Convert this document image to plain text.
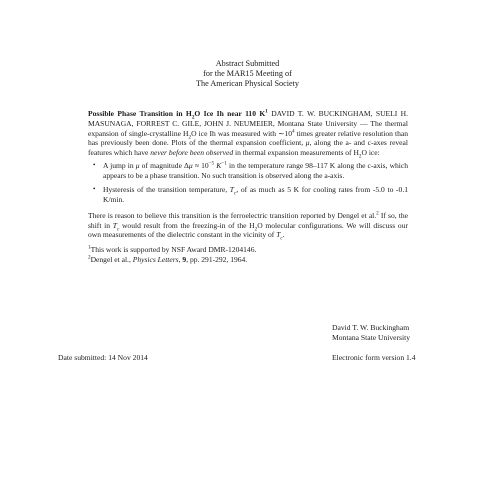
Abstract Submitted
for the MAR15 Meeting of
The American Physical Society

Possible Phase Transition in $H_2O$ Ice Ih near 110 $K^1$ DAVID T. W. BUCKINGHAM, SUELI H. MASUNAGA, FORREST C. GILE, JOHN J. NEUMEIER, Montana State University — The thermal expansion of single-crystalline $H_2O$ ice Ih was measured with $\sim 10^4$ times greater relative resolution than has previously been done. Plots of the thermal expansion coefficient, μ, along the a- and c-axes reveal features which have never before been observed in thermal expansion measurements of $H_2O$ ice:

• A jump in μ of magnitude $\Delta\mu \approx 10^{-5}$ $K^{-1}$ in the temperature range 98–117 K along the c-axis, which appears to be a phase transition. No such transition is observed along the a-axis.
• Hysteresis of the transition temperature, $T_c$, of as much as 5 K for cooling rates from -5.0 to -0.1 K/min.

There is reason to believe this transition is the ferroelectric transition reported by Dengel et al.$^2$ If so, the shift in $T_c$ would result from the freezing-in of the $H_2O$ molecular configurations. We will discuss our own measurements of the dielectric constant in the vicinity of $T_c$.

$^1$This work is supported by NSF Award DMR-1204146.
$^2$Dengel et al., Physics Letters, 9, pp. 291-292, 1964.
David T. W. Buckingham
Montana State University
Date submitted: 14 Nov 2014	Electronic form version 1.4
